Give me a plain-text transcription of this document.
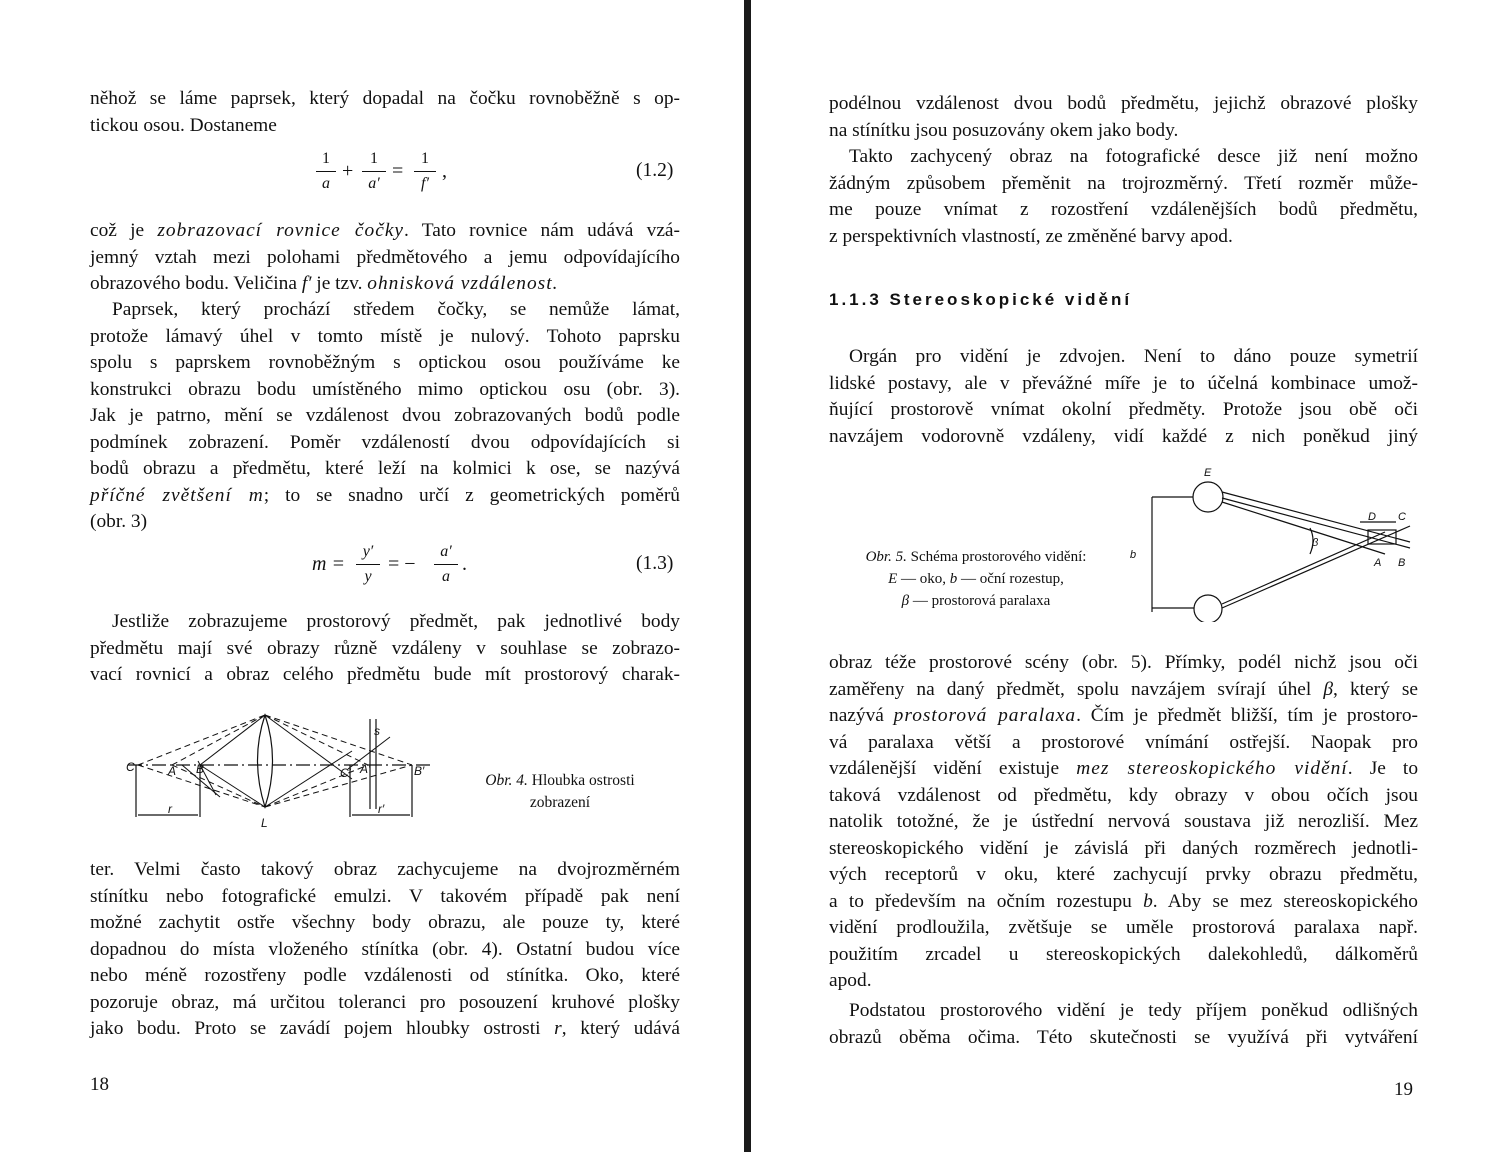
něhož se láme paprsek, který dopadal na čočku rovnoběžně s op-
tickou osou. Dostaneme

$\frac{1}{a} + \frac{1}{a'} = \frac{1}{f'}$ ,	(1.2)

což je zobrazovací rovnice čočky. Tato rovnice nám udává vzá-
jemný vztah mezi polohami předmětového a jemu odpovídajícího
obrazového bodu. Veličina f′ je tzv. ohnisková vzdálenost.

Paprsek, který prochází středem čočky, se nemůže lámat,
protože lámavý úhel v tomto místě je nulový. Tohoto paprsku
spolu s paprskem rovnoběžným s optickou osou používáme ke
konstrukci obrazu bodu umístěného mimo optickou osu (obr. 3).
Jak je patrno, mění se vzdálenost dvou zobrazovaných bodů podle
podmínek zobrazení. Poměr vzdáleností dvou odpovídajících si
bodů obrazu a předmětu, které leží na kolmici k ose, se nazývá
příčné zvětšení m; to se snadno určí z geometrických poměrů
(obr. 3)

$m = \frac{y'}{y}$ = − $\frac{a'}{a}$ .	(1.3)

Jestliže zobrazujeme prostorový předmět, pak jednotlivé body
předmětu mají své obrazy různě vzdáleny v souhlase se zobrazo-
vací rovnicí a obraz celého předmětu bude mít prostorový charak-

C	A B
s
C′ A′	B′
r	r′
L
Obr. 4. Hloubka ostrosti
zobrazení

ter. Velmi často takový obraz zachycujeme na dvojrozměrném
stínítku nebo fotografické emulzi. V takovém případě pak není
možné zachytit ostře všechny body obrazu, ale pouze ty, které
dopadnou do místa vloženého stínítka (obr. 4). Ostatní budou více
nebo méně rozostřeny podle vzdálenosti od stínítka. Oko, které
pozoruje obraz, má určitou toleranci pro posouzení kruhové plošky
jako bodu. Proto se zavádí pojem hloubky ostrosti r, který udává

18

podélnou vzdálenost dvou bodů předmětu, jejichž obrazové plošky
na stínítku jsou posuzovány okem jako body.

Takto zachycený obraz na fotografické desce již není možno
žádným způsobem přeměnit na trojrozměrný. Třetí rozměr může-
me pouze vnímat z rozostření vzdálenějších bodů předmětu,
z perspektivních vlastností, ze změněné barvy apod.

1.1.3 Stereoskopické vidění

Orgán pro vidění je zdvojen. Není to dáno pouze symetrií
lidské postavy, ale v převážné míře je to účelná kombinace umož-
ňující prostorově vnímat okolní předměty. Protože jsou obě oči
navzájem vodorovně vzdáleny, vidí každé z nich poněkud jiný

Obr. 5. Schéma prostorového vidění:
E — oko, b — oční rozestup,
β — prostorová paralaxa
E
b
β
D C
A B

obraz téže prostorové scény (obr. 5). Přímky, podél nichž jsou oči
zaměřeny na daný předmět, spolu navzájem svírají úhel β, který se
nazývá prostorová paralaxa. Čím je předmět bližší, tím je prostoro-
vá paralaxa větší a prostorové vnímání ostřejší. Naopak pro
vzdálenější vidění existuje mez stereoskopického vidění. Je to
taková vzdálenost od předmětu, kdy obrazy v obou očích jsou
natolik totožné, že je ústřední nervová soustava již nerozliší. Mez
stereoskopického vidění je závislá při daných rozměrech jednotli-
vých receptorů v oku, které zachycují prvky obrazu předmětu,
a to především na očním rozestupu b. Aby se mez stereoskopického
vidění prodloužila, zvětšuje se uměle prostorová paralaxa např.
použitím zrcadel u stereoskopických dalekohledů, dálkoměrů
apod.

Podstatou prostorového vidění je tedy příjem poněkud odlišných
obrazů oběma očima. Této skutečnosti se využívá při vytváření

19
